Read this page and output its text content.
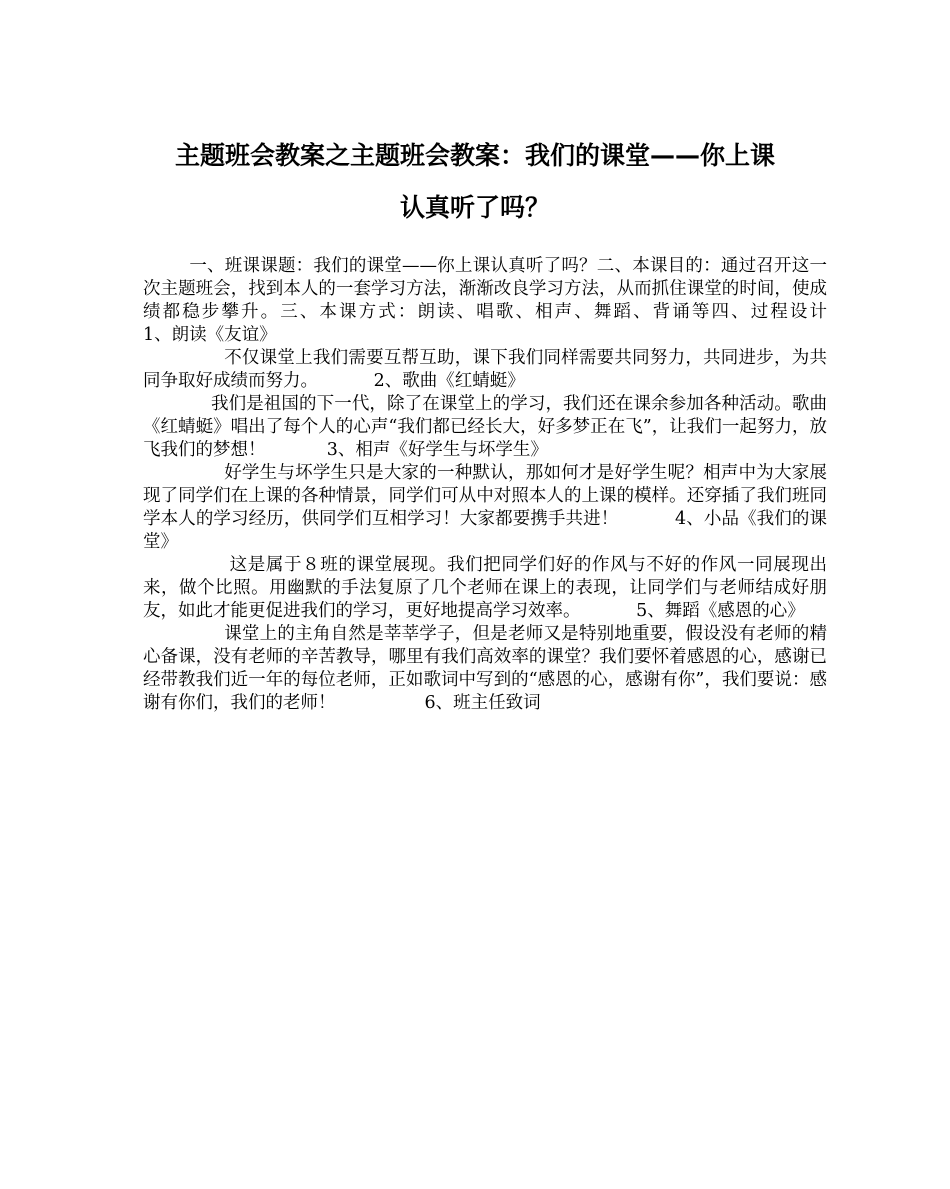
主题班会教案之主题班会教案：我们的课堂——你上课
认真听了吗？
一、班课课题：我们的课堂——你上课认真听了吗？二、本课目的：通过召开这一次主题班会，找到本人的一套学习方法，渐渐改良学习方法，从而抓住课堂的时间，使成绩都稳步攀升。三、本课方式：朗读、唱歌、相声、舞蹈、背诵等四、过程设计           1、朗读《友谊》
不仅课堂上我们需要互帮互助，课下我们同样需要共同努力，共同进步，为共同争取好成绩而努力。          2、歌曲《红蜻蜓》
我们是祖国的下一代，除了在课堂上的学习，我们还在课余参加各种活动。歌曲《红蜻蜓》唱出了每个人的心声“我们都已经长大，好多梦正在飞”，让我们一起努力，放飞我们的梦想！           3、相声《好学生与坏学生》
好学生与坏学生只是大家的一种默认，那如何才是好学生呢？相声中为大家展现了同学们在上课的各种情景，同学们可从中对照本人的上课的模样。还穿插了我们班同学本人的学习经历，供同学们互相学习！大家都要携手共进！          4、小品《我们的课堂》
这是属于８班的课堂展现。我们把同学们好的作风与不好的作风一同展现出来，做个比照。用幽默的手法复原了几个老师在课上的表现，让同学们与老师结成好朋友，如此才能更促进我们的学习，更好地提高学习效率。          5、舞蹈《感恩的心》
课堂上的主角自然是莘莘学子，但是老师又是特别地重要，假设没有老师的精心备课，没有老师的辛苦教导，哪里有我们高效率的课堂？我们要怀着感恩的心，感谢已经带教我们近一年的每位老师，正如歌词中写到的“感恩的心，感谢有你”，我们要说：感谢有你们，我们的老师！                6、班主任致词
